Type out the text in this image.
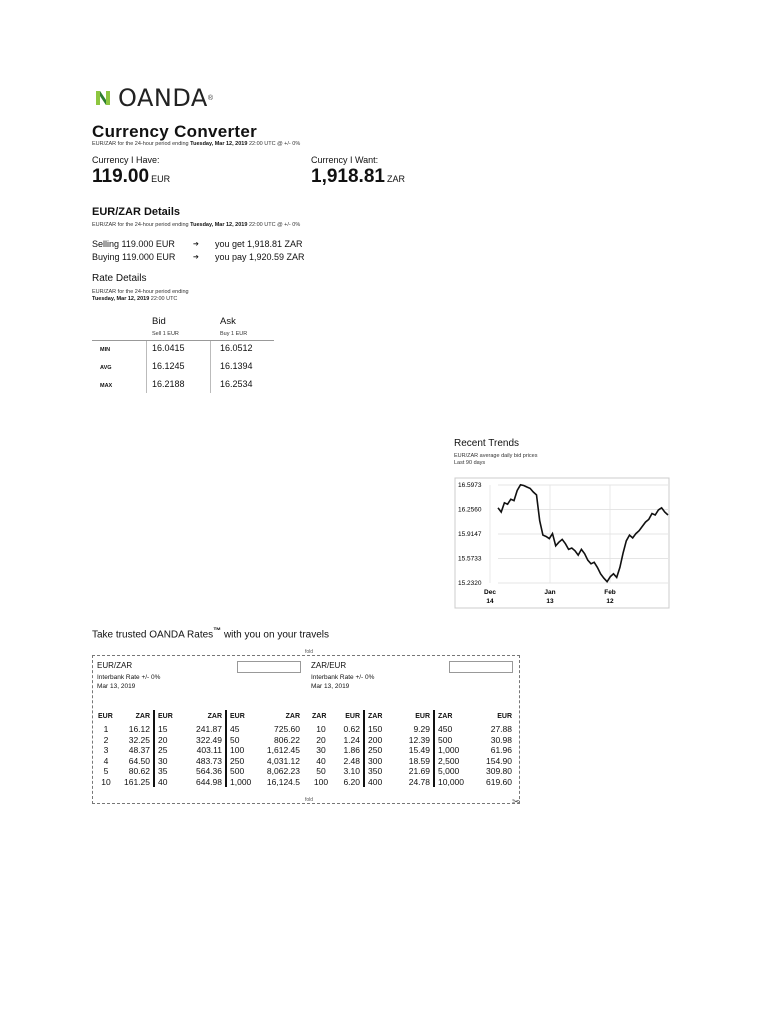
OANDA ®
Currency Converter
EUR/ZAR for the 24-hour period ending Tuesday, Mar 12, 2019 22:00 UTC @ +/- 0%
Currency I Have:
119.00 EUR
Currency I Want:
1,918.81 ZAR
EUR/ZAR Details
EUR/ZAR for the 24-hour period ending Tuesday, Mar 12, 2019 22:00 UTC @ +/- 0%
Selling 119.000 EUR	➔ you get 1,918.81 ZAR
Buying 119.000 EUR	➔ you pay 1,920.59 ZAR
Rate Details
EUR/ZAR for the 24-hour period ending
Tuesday, Mar 12, 2019 22:00 UTC
Bid	Ask
Sell 1 EUR	Buy 1 EUR
MIN	16.0415	16.0512
AVG	16.1245	16.1394
MAX	16.2188	16.2534
Recent Trends
EUR/ZAR average daily bid prices
Last 90 days
16.5973
16.2560
15.9147
15.5733
15.2320
Dec
14
Jan
13
Feb
12
Take trusted OANDA Rates™ with you on your travels
fold
fold	✂
EUR/ZAR
Interbank Rate +/- 0%
Mar 13, 2019
EUR	ZAR	EUR	ZAR	EUR	ZAR
1	16.12	15	241.87	45	725.60
2	32.25	20	322.49	50	806.22
3	48.37	25	403.11	100	1,612.45
4	64.50	30	483.73	250	4,031.12
5	80.62	35	564.36	500	8,062.23
10	161.25	40	644.98	1,000	16,124.5
ZAR/EUR
Interbank Rate +/- 0%
Mar 13, 2019
ZAR	EUR	ZAR	EUR	ZAR	EUR
10	0.62	150	9.29	450	27.88
20	1.24	200	12.39	500	30.98
30	1.86	250	15.49	1,000	61.96
40	2.48	300	18.59	2,500	154.90
50	3.10	350	21.69	5,000	309.80
100	6.20	400	24.78	10,000	619.60
